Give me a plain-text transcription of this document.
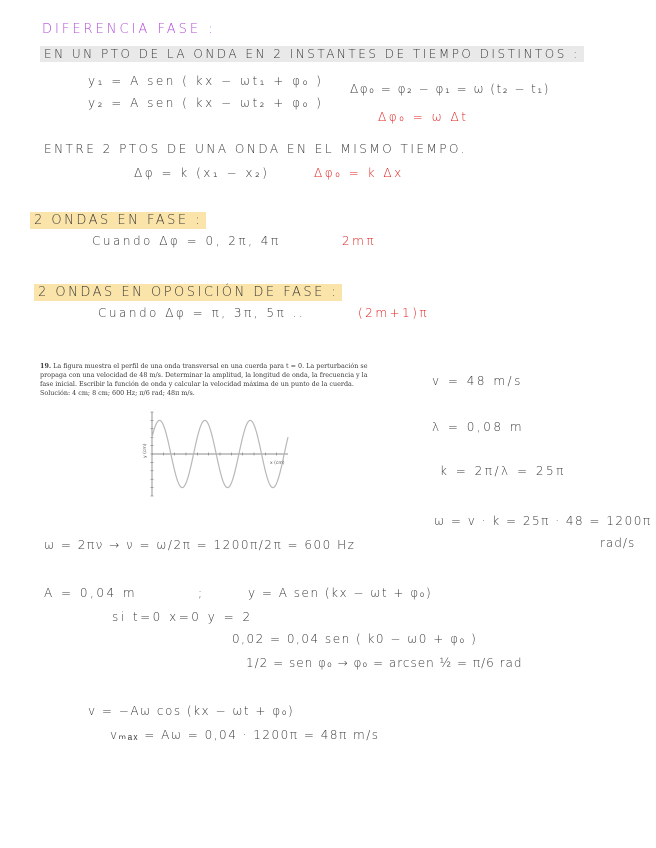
DIFERENCIA FASE :
EN UN PTO DE LA ONDA EN 2 INSTANTES DE TIEMPO DISTINTOS :
y₁ = A sen ( kx − ωt₁ + φ₀ )
y₂ = A sen ( kx − ωt₂ + φ₀ )
Δφ₀ = φ₂ − φ₁ = ω (t₂ − t₁)
Δφ₀ = ω Δt
ENTRE 2 PTOS DE UNA ONDA EN EL MISMO TIEMPO.
Δφ = k (x₁ − x₂)	Δφ₀ = k Δx
2 ONDAS EN FASE :
Cuando Δφ = 0, 2π, 4π	2mπ
2 ONDAS EN OPOSICIÓN DE FASE :
Cuando Δφ = π, 3π, 5π ..	(2m+1)π
19. La figura muestra el perfil de una onda transversal en una cuerda para t = 0. La perturbación se propaga con una velocidad de 48 m/s. Determinar la amplitud, la longitud de onda, la frecuencia y la fase inicial. Escribir la función de onda y calcular la velocidad máxima de un punto de la cuerda. Solución: 4 cm; 8 cm; 600 Hz; π/6 rad; 48π m/s.
y (cm)
x (cm)
v = 48 m/s
λ = 0,08 m
k = 2π/λ = 25π
ω = v · k = 25π · 48 = 1200π
rad/s
ω = 2πν → ν = ω/2π = 1200π/2π = 600 Hz
A = 0,04 m	;	y = A sen (kx − ωt + φ₀)
si t=0 x=0 y = 2
0,02 = 0,04 sen ( k0 − ω0 + φ₀ )
1/2 = sen φ₀ → φ₀ = arcsen ½ = π/6 rad
v = −Aω cos (kx − ωt + φ₀)
vₘₐₓ = Aω = 0,04 · 1200π = 48π m/s
